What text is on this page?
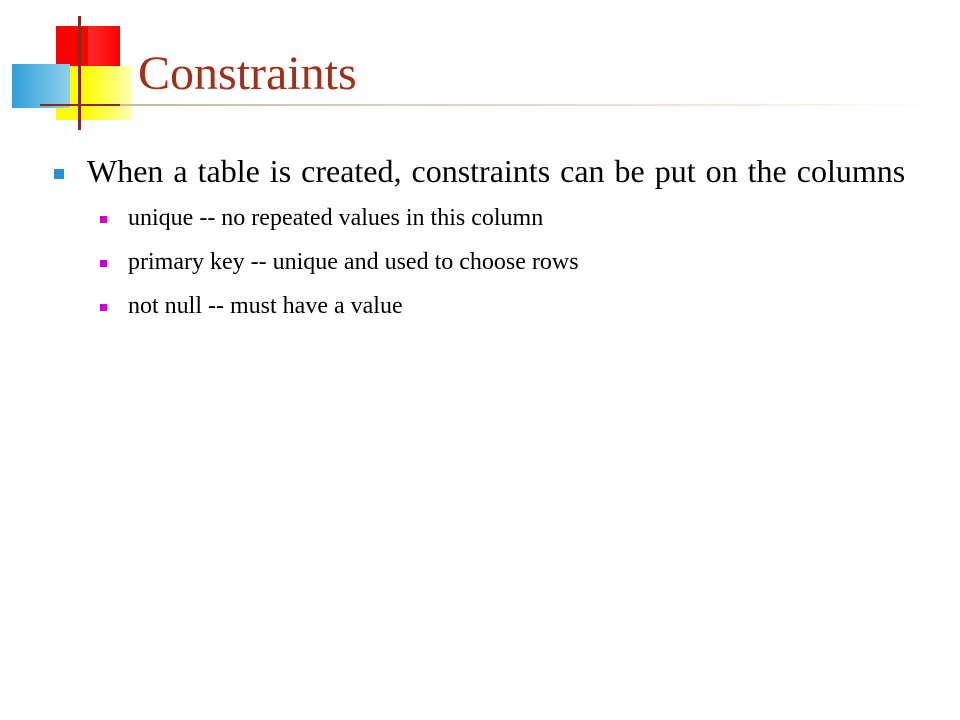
Constraints
When a table is created, constraints can be put on the columns
unique -- no repeated values in this column
primary key -- unique and used to choose rows
not null -- must have a value
